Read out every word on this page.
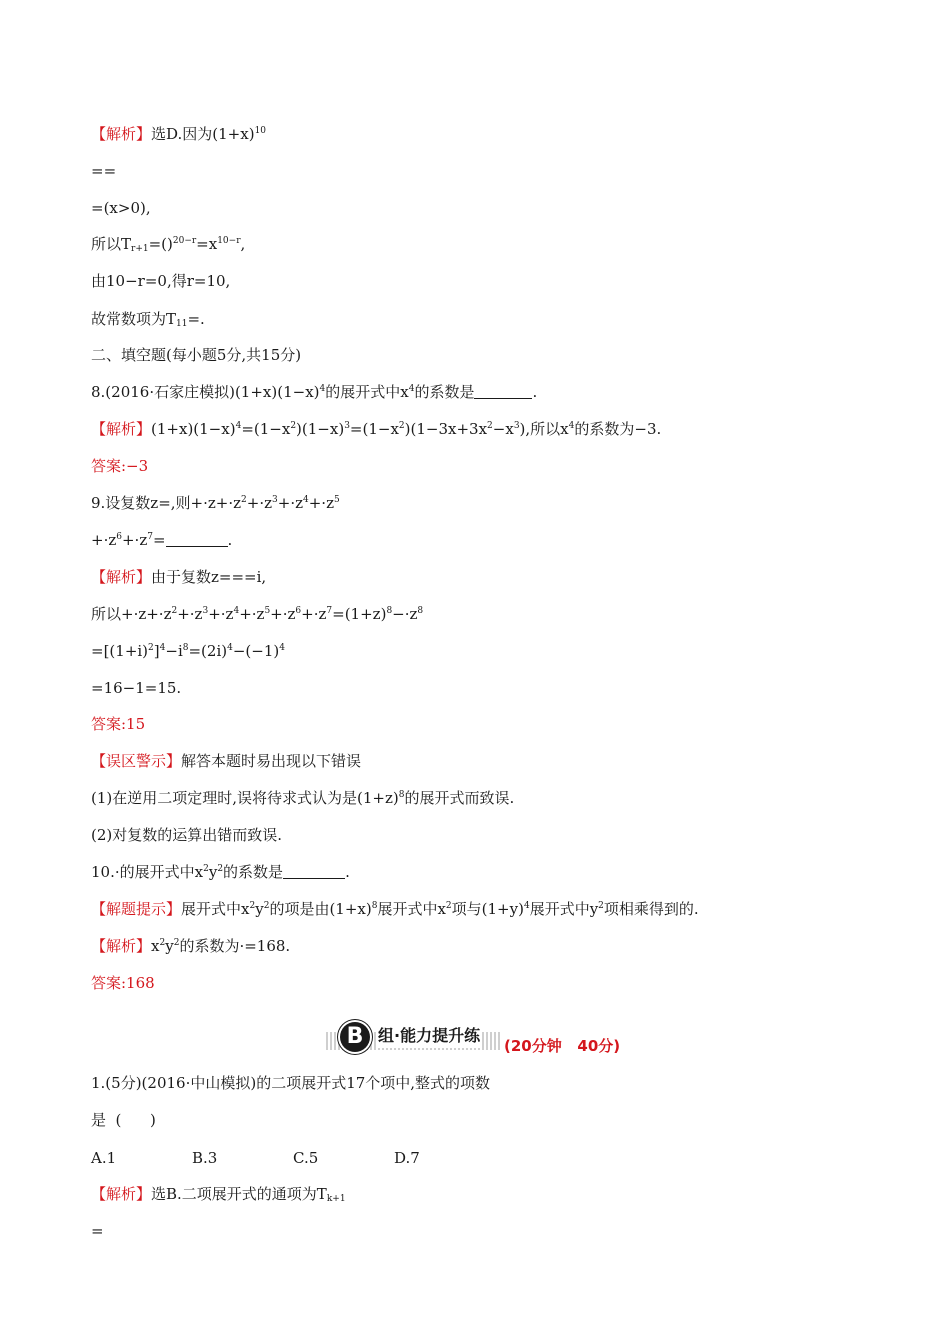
【解析】选D.因为$(1+x)^{10}$
==
=(x>0),
所以$T_{r+1}=()^{20-r}=x^{10-r}$,
由10−r=0,得r=10,
故常数项为$T_{11}=$.
二、填空题(每小题5分,共15分)
8.(2016·石家庄模拟)$(1+x)(1-x)^4$的展开式中$x^4$的系数是	.
【解析】$(1+x)(1-x)^4=(1-x^2)(1-x)^3=(1-x^2)(1-3x+3x^2-x^3)$,所以$x^4$的系数为−3.
答案:−3
9.设复数z=,则$+\cdot z+\cdot z^2+\cdot z^3+\cdot z^4+\cdot z^5$
$+\cdot z^6+\cdot z^7=$	.
【解析】由于复数z===i,
所以$+\cdot z+\cdot z^2+\cdot z^3+\cdot z^4+\cdot z^5+\cdot z^6+\cdot z^7=(1+z)^8-\cdot z^8$
$=[(1+i)^2]^4-i^8=(2i)^4-(-1)^4$
=16−1=15.
答案:15
【误区警示】解答本题时易出现以下错误
(1)在逆用二项定理时,误将待求式认为是$(1+z)^8$的展开式而致误.
(2)对复数的运算出错而致误.
10.·的展开式中$x^2y^2$的系数是	.
【解题提示】展开式中$x^2y^2$的项是由$(1+x)^8$展开式中$x^2$项与$(1+y)^4$展开式中$y^2$项相乘得到的.
【解析】$x^2y^2$的系数为·=168.
答案:168
B 组·能力提升练
(20分钟   40分)
1.(5分)(2016·中山模拟)的二项展开式17个项中,整式的项数
是  (      )
A.1	B.3	C.5	D.7
【解析】选B.二项展开式的通项为$T_{k+1}$
=
